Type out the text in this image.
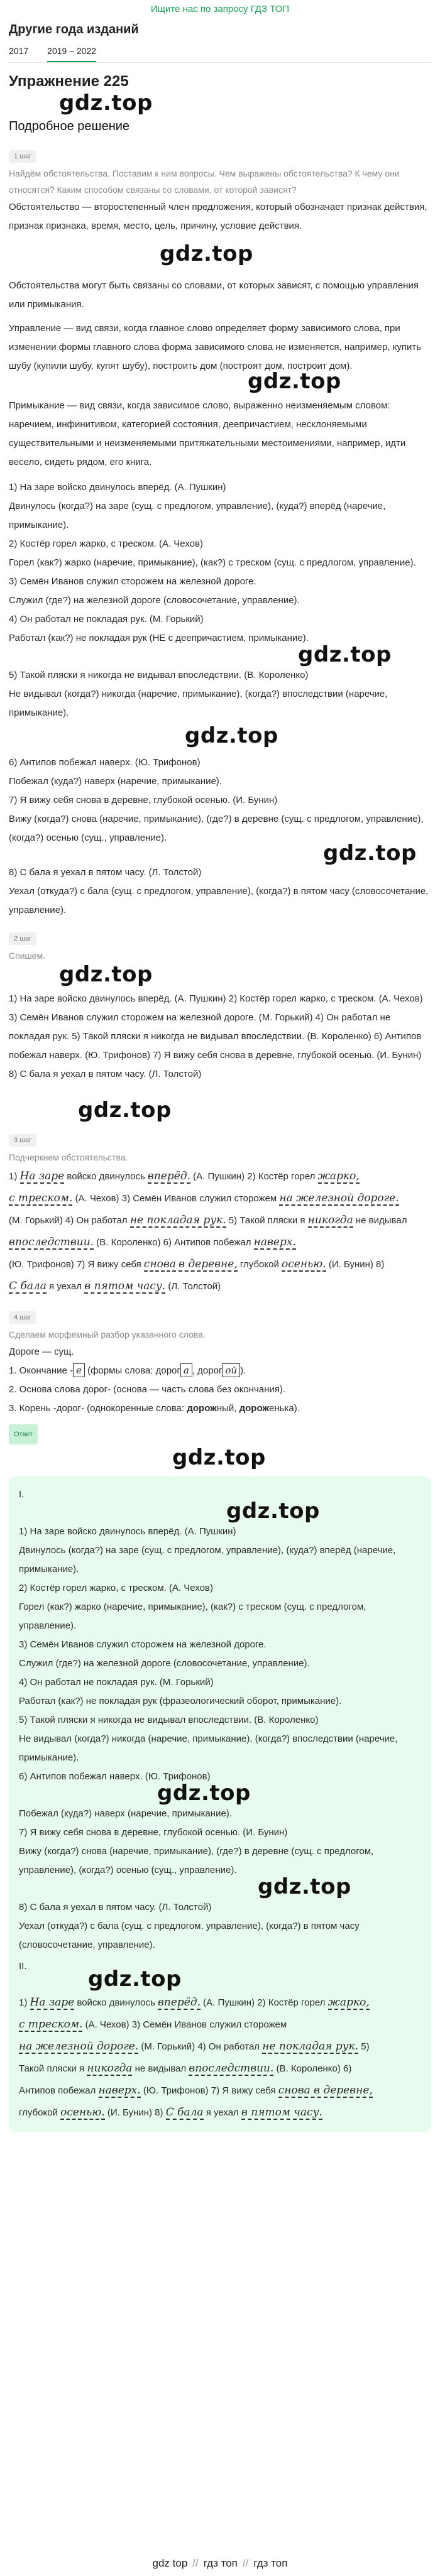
Ищите нас по запросу ГДЗ ТОП
Другие года изданий
2017 2019 – 2022
Упражнение 225
gdz.top
Подробное решение
1 шаг

Найдём обстоятельства. Поставим к ним вопросы. Чем выражены обстоятельства? К чему они относятся? Каким способом связаны со словами, от которой зависят?

Обстоятельство — второстепенный член предложения, который обозначает признак действия, признак признака, время, место, цель, причину, условие действия.

gdz.top

Обстоятельства могут быть связаны со словами, от которых зависят, с помощью управления или примыкания.

Управление — вид связи, когда главное слово определяет форму зависимого слова, при изменении формы главного слова форма зависимого слова не изменяется, например, купить шубу (купили шубу, купят шубу), построить дом (построят дом, построит дом).

gdz.top

Примыкание — вид связи, когда зависимое слово, выраженно неизменяемым словом: наречием, инфинитивом, категорией состояния, деепричастием, несклоняемыми существительными и неизменяемыми притяжательными местоимениями, например, идти весело, сидеть рядом, его книга.

1) На заре войско двинулось вперёд. (А. Пушкин)

Двинулось (когда?) на заре (сущ. с предлогом, управление), (куда?) вперёд (наречие, примыкание).

2) Костёр горел жарко, с треском. (А. Чехов)

Горел (как?) жарко (наречие, примыкание), (как?) с треском (сущ. с предлогом, управление).

3) Семён Иванов служил сторожем на железной дороге.

Служил (где?) на железной дороге (словосочетание, управление).

4) Он работал не покладая рук. (М. Горький)

Работал (как?) не покладая рук (НЕ с деепричастием, примыкание).

gdz.top

5) Такой пляски я никогда не видывал впоследствии. (В. Короленко)

Не видывал (когда?) никогда (наречие, примыкание), (когда?) впоследствии (наречие, примыкание).

gdz.top

6) Антипов побежал наверх. (Ю. Трифонов)

Побежал (куда?) наверх (наречие, примыкание).

7) Я вижу себя снова в деревне, глубокой осенью. (И. Бунин)

Вижу (когда?) снова (наречие, примыкание), (где?) в деревне (сущ. с предлогом, управление), (когда?) осенью (сущ., управление).

gdz.top

8) С бала я уехал в пятом часу. (Л. Толстой)

Уехал (откуда?) с бала (сущ. с предлогом, управление), (когда?) в пятом часу (словосочетание, управление).

2 шаг

Спишем.

gdz.top

1) На заре войско двинулось вперёд. (А. Пушкин) 2) Костёр горел жарко, с треском. (А. Чехов) 3) Семён Иванов служил сторожем на железной дороге. (М. Горький) 4) Он работал не покладая рук. 5) Такой пляски я никогда не видывал впоследствии. (В. Короленко) 6) Антипов побежал наверх. (Ю. Трифонов) 7) Я вижу себя снова в деревне, глубокой осенью. (И. Бунин) 8) С бала я уехал в пятом часу. (Л. Толстой)

gdz.top
3 шаг

Подчеркнем обстоятельства.

1) На заре войско двинулось вперёд. (А. Пушкин) 2) Костёр горел жарко,

с треском. (А. Чехов) 3) Семён Иванов служил сторожем на железной дороге.

(М. Горький) 4) Он работал не покладая рук. 5) Такой пляски я никогда не видывал

впоследствии. (В. Короленко) 6) Антипов побежал наверх.

(Ю. Трифонов) 7) Я вижу себя снова в деревне, глубокой осенью. (И. Бунин) 8)

С бала я уехал в пятом часу. (Л. Толстой)

4 шаг

Сделаем морфемный разбор указанного слова.

Дороге — сущ.

1. Окончание - е (формы слова: дорог а , дорог ой ).

2. Основа слова дорог- (основа — часть слова без окончания).

3. Корень -дорог- (однокоренные слова: дорожный, дороженька).

Ответ
gdz.top

I.

gdz.top

1) На заре войско двинулось вперёд. (А. Пушкин)

Двинулось (когда?) на заре (сущ. с предлогом, управление), (куда?) вперёд (наречие, примыкание).

2) Костёр горел жарко, с треском. (А. Чехов)

Горел (как?) жарко (наречие, примыкание), (как?) с треском (сущ. с предлогом, управление).

3) Семён Иванов служил сторожем на железной дороге.

Служил (где?) на железной дороге (словосочетание, управление).

4) Он работал не покладая рук. (М. Горький)

Работал (как?) не покладая рук (фразеологический оборот, примыкание).

5) Такой пляски я никогда не видывал впоследствии. (В. Короленко)

Не видывал (когда?) никогда (наречие, примыкание), (когда?) впоследствии (наречие, примыкание).

6) Антипов побежал наверх. (Ю. Трифонов)

gdz.top

Побежал (куда?) наверх (наречие, примыкание).

7) Я вижу себя снова в деревне, глубокой осенью. (И. Бунин)

Вижу (когда?) снова (наречие, примыкание), (где?) в деревне (сущ. с предлогом, управление), (когда?) осенью (сущ., управление).

gdz.top

8) С бала я уехал в пятом часу. (Л. Толстой)

Уехал (откуда?) с бала (сущ. с предлогом, управление), (когда?) в пятом часу (словосочетание, управление).

II.

gdz.top

1) На заре войско двинулось вперёд. (А. Пушкин) 2) Костёр горел жарко,

с треском. (А. Чехов) 3) Семён Иванов служил сторожем

на железной дороге. (М. Горький) 4) Он работал не покладая рук. 5)

Такой пляски я никогда не видывал впоследствии. (В. Короленко) 6)

Антипов побежал наверх. (Ю. Трифонов) 7) Я вижу себя снова в деревне,

глубокой осенью. (И. Бунин) 8) С бала я уехал в пятом часу.

gdz top // гдз топ // гдз топ
